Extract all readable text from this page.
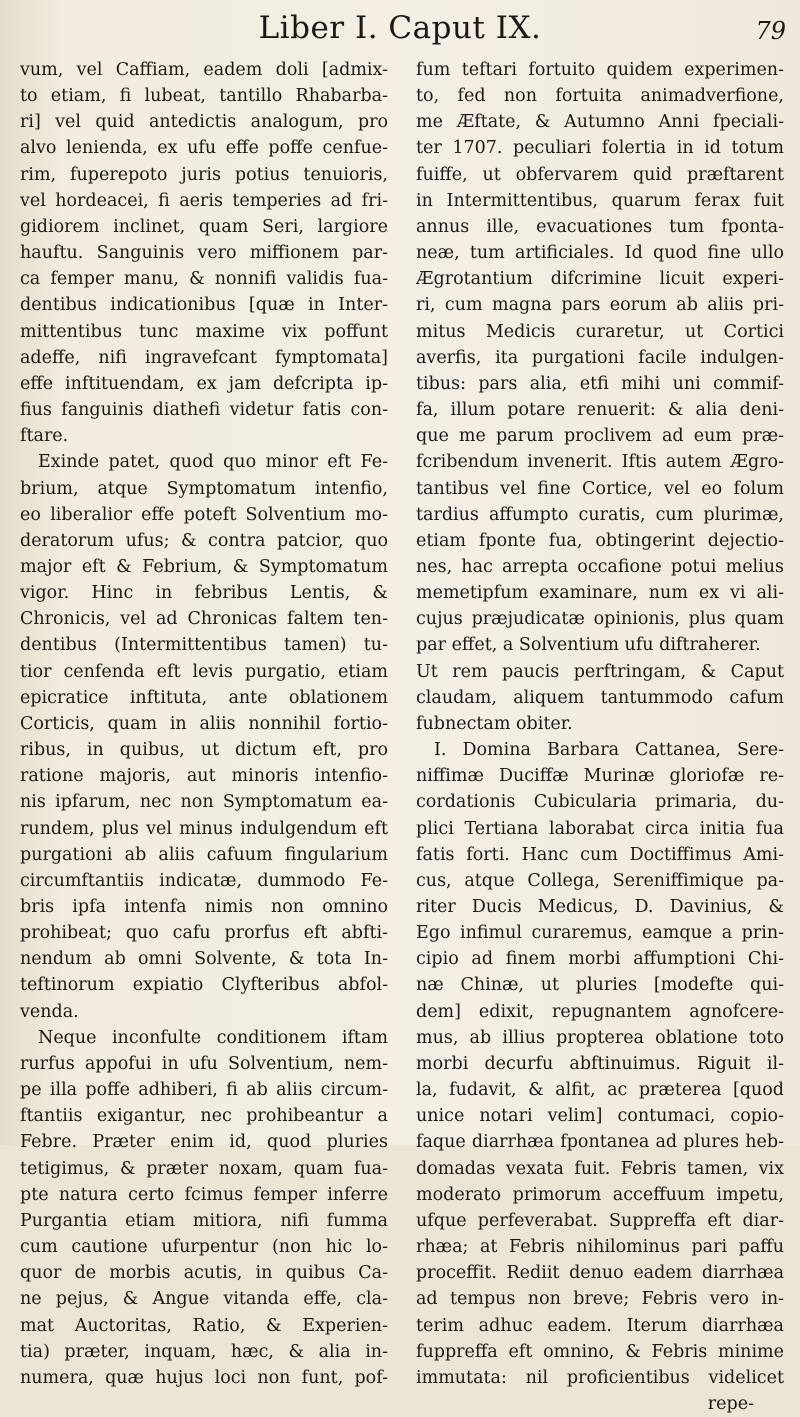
Liber I. Caput IX.	79
vum, vel Caffiam, eadem doli [admix-
to etiam, fi lubeat, tantillo Rhabarba-
ri] vel quid antedictis analogum, pro
alvo lenienda, ex ufu effe poffe cenfue-
rim, fuperepoto juris potius tenuioris,
vel hordeacei, fi aeris temperies ad fri-
gidiorem inclinet, quam Seri, largiore
hauftu. Sanguinis vero miffionem par-
ca femper manu, & nonnifi validis fua-
dentibus indicationibus [quæ in Inter-
mittentibus tunc maxime vix poffunt
adeffe, nifi ingravefcant fymptomata]
effe inftituendam, ex jam defcripta ip-
fius fanguinis diathefi videtur fatis con-
ftare.
Exinde patet, quod quo minor eft Fe-
brium, atque Symptomatum intenfio,
eo liberalior effe poteft Solventium mo-
deratorum ufus; & contra patcior, quo
major eft & Febrium, & Symptomatum
vigor. Hinc in febribus Lentis, &
Chronicis, vel ad Chronicas faltem ten-
dentibus (Intermittentibus tamen) tu-
tior cenfenda eft levis purgatio, etiam
epicratice inftituta, ante oblationem
Corticis, quam in aliis nonnihil fortio-
ribus, in quibus, ut dictum eft, pro
ratione majoris, aut minoris intenfio-
nis ipfarum, nec non Symptomatum ea-
rundem, plus vel minus indulgendum eft
purgationi ab aliis cafuum fingularium
circumftantiis indicatæ, dummodo Fe-
bris ipfa intenfa nimis non omnino
prohibeat; quo cafu prorfus eft abfti-
nendum ab omni Solvente, & tota In-
teftinorum expiatio Clyfteribus abfol-
venda.
Neque inconfulte conditionem iftam
rurfus appofui in ufu Solventium, nem-
pe illa poffe adhiberi, fi ab aliis circum-
ftantiis exigantur, nec prohibeantur a
Febre. Præter enim id, quod pluries
tetigimus, & præter noxam, quam fua-
pte natura certo fcimus femper inferre
Purgantia etiam mitiora, nifi fumma
cum cautione ufurpentur (non hic lo-
quor de morbis acutis, in quibus Ca-
ne pejus, & Angue vitanda effe, cla-
mat Auctoritas, Ratio, & Experien-
tia) præter, inquam, hæc, & alia in-
numera, quæ hujus loci non funt, pof-
fum teftari fortuito quidem experimen-
to, fed non fortuita animadverfione,
me Æftate, & Autumno Anni fpeciali-
ter 1707. peculiari folertia in id totum
fuiffe, ut obfervarem quid præftarent
in Intermittentibus, quarum ferax fuit
annus ille, evacuationes tum fponta-
neæ, tum artificiales. Id quod fine ullo
Ægrotantium difcrimine licuit experi-
ri, cum magna pars eorum ab aliis pri-
mitus Medicis curaretur, ut Cortici
averfis, ita purgationi facile indulgen-
tibus: pars alia, etfi mihi uni commif-
fa, illum potare renuerit: & alia deni-
que me parum proclivem ad eum præ-
fcribendum invenerit. Iftis autem Ægro-
tantibus vel fine Cortice, vel eo folum
tardius affumpto curatis, cum plurimæ,
etiam fponte fua, obtingerint dejectio-
nes, hac arrepta occafione potui melius
memetipfum examinare, num ex vi ali-
cujus præjudicatæ opinionis, plus quam
par effet, a Solventium ufu diftraherer.
Ut rem paucis perftringam, & Caput
claudam, aliquem tantummodo cafum
fubnectam obiter.
I. Domina Barbara Cattanea, Sere-
niffimæ Duciffæ Murinæ gloriofæ re-
cordationis Cubicularia primaria, du-
plici Tertiana laborabat circa initia fua
fatis forti. Hanc cum Doctiffimus Ami-
cus, atque Collega, Sereniffimique pa-
riter Ducis Medicus, D. Davinius, &
Ego infimul curaremus, eamque a prin-
cipio ad finem morbi affumptioni Chi-
næ Chinæ, ut pluries [modefte qui-
dem] edixit, repugnantem agnofcere-
mus, ab illius propterea oblatione toto
morbi decurfu abftinuimus. Riguit il-
la, fudavit, & alfit, ac præterea [quod
unice notari velim] contumaci, copio-
faque diarrhæa fpontanea ad plures heb-
domadas vexata fuit. Febris tamen, vix
moderato primorum acceffuum impetu,
ufque perfeverabat. Suppreffa eft diar-
rhæa; at Febris nihilominus pari paffu
proceffit. Rediit denuo eadem diarrhæa
ad tempus non breve; Febris vero in-
terim adhuc eadem. Iterum diarrhæa
fuppreffa eft omnino, & Febris minime
immutata: nil proficientibus videlicet
repe-
